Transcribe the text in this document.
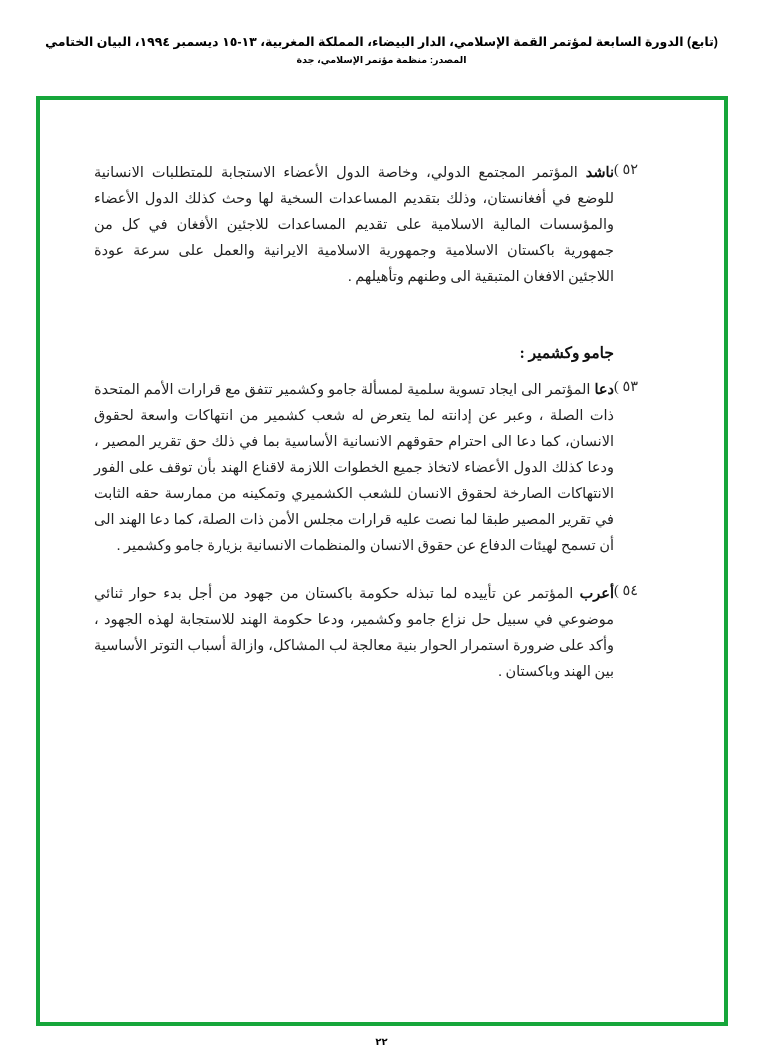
(تابع) الدورة السابعة لمؤتمر القمة الإسلامي، الدار البيضاء، المملكة المغربية، ١٣-١٥ ديسمبر ١٩٩٤، البيان الختامي
المصدر: منظمة مؤتمر الإسلامي، جدة
٥٢ )
ناشد المؤتمر المجتمع الدولي، وخاصة الدول الأعضاء الاستجابة للمتطلبات الانسانية للوضع في أفغانستان، وذلك بتقديم المساعدات السخية لها وحث كذلك الدول الأعضاء والمؤسسات المالية الاسلامية على تقديم المساعدات للاجئين الأفغان في كل من جمهورية باكستان الاسلامية وجمهورية الاسلامية الايرانية والعمل على سرعة عودة اللاجئين الافغان المتبقية الى وطنهم وتأهيلهم .
جامو وكشمير :
٥٣ )
دعا المؤتمر الى ايجاد تسوية سلمية لمسألة جامو وكشمير تتفق مع قرارات الأمم المتحدة ذات الصلة ، وعبر عن إدانته لما يتعرض له شعب كشمير من انتهاكات واسعة لحقوق الانسان، كما دعا الى احترام حقوقهم الانسانية الأساسية بما في ذلك حق تقرير المصير ، ودعا كذلك الدول الأعضاء لاتخاذ جميع الخطوات اللازمة لاقناع الهند بأن توقف على الفور الانتهاكات الصارخة لحقوق الانسان للشعب الكشميري وتمكينه من ممارسة حقه الثابت في تقرير المصير طبقا لما نصت عليه قرارات مجلس الأمن ذات الصلة، كما دعا الهند الى أن تسمح لهيئات الدفاع عن حقوق الانسان والمنظمات الانسانية بزيارة جامو وكشمير .
٥٤ )
أعرب المؤتمر عن تأييده لما تبذله حكومة باكستان من جهود من أجل بدء حوار ثنائي موضوعي في سبيل حل نزاع جامو وكشمير، ودعا حكومة الهند للاستجابة لهذه الجهود ، وأكد على ضرورة استمرار الحوار بنية معالجة لب المشاكل، وازالة أسباب التوتر الأساسية بين الهند وباكستان .
٢٢
